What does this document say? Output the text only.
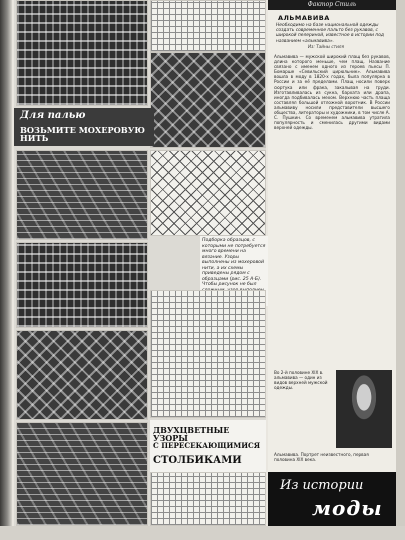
Для палью
ВОЗЬМИТЕ МОХЕРОВУЮ НИТЬ
Подборка образцов, с которыми не потребуется много времени на вязание. Узоры выполнены из мохеровой нити, а их схемы приведены рядом с образцами (рис. 25 А-Б). Чтобы рисунок не был
ДВУХЦВЕТНЫЕ УЗОРЫ
С ПЕРЕСЕКАЮЩИМИСЯ
СТОЛБИКАМИ
Фактор Стиль
АЛЬМАВИВА
Необходимо на базе национальной одежды создать современное пальто без рукавов, с широкой пелериной, известное в истории под названием «альмавива».
Из: Тайны стиля
Альмавива — мужской широкий плащ без рукавов, длина которого меньше, чем плащ. Название связано с именем одного из героев пьесы П. Бомарше «Севильский цирюльник». Альмавива вошла в моду в 1820-х годах, была популярна в России и за её пределами. Плащ носили поверх сюртука или фрака, закалывая на груди. Изготавливалась из сукна, бархата или драпа, иногда подбивалась мехом. Верхнюю часть плаща составлял большой отложной воротник. В России альмавиву носили представители высшего общества, литераторы и художники, в том числе А. С. Пушкин. Со временем альмавива утратила популярность и сменилась другими видами верхней одежды.
Во 2-й половине XIX в. альмавива — один из видов верхней мужской одежды.
Альмавива. Портрет неизвестного, первая половина XIX века.
Из истории
моды
